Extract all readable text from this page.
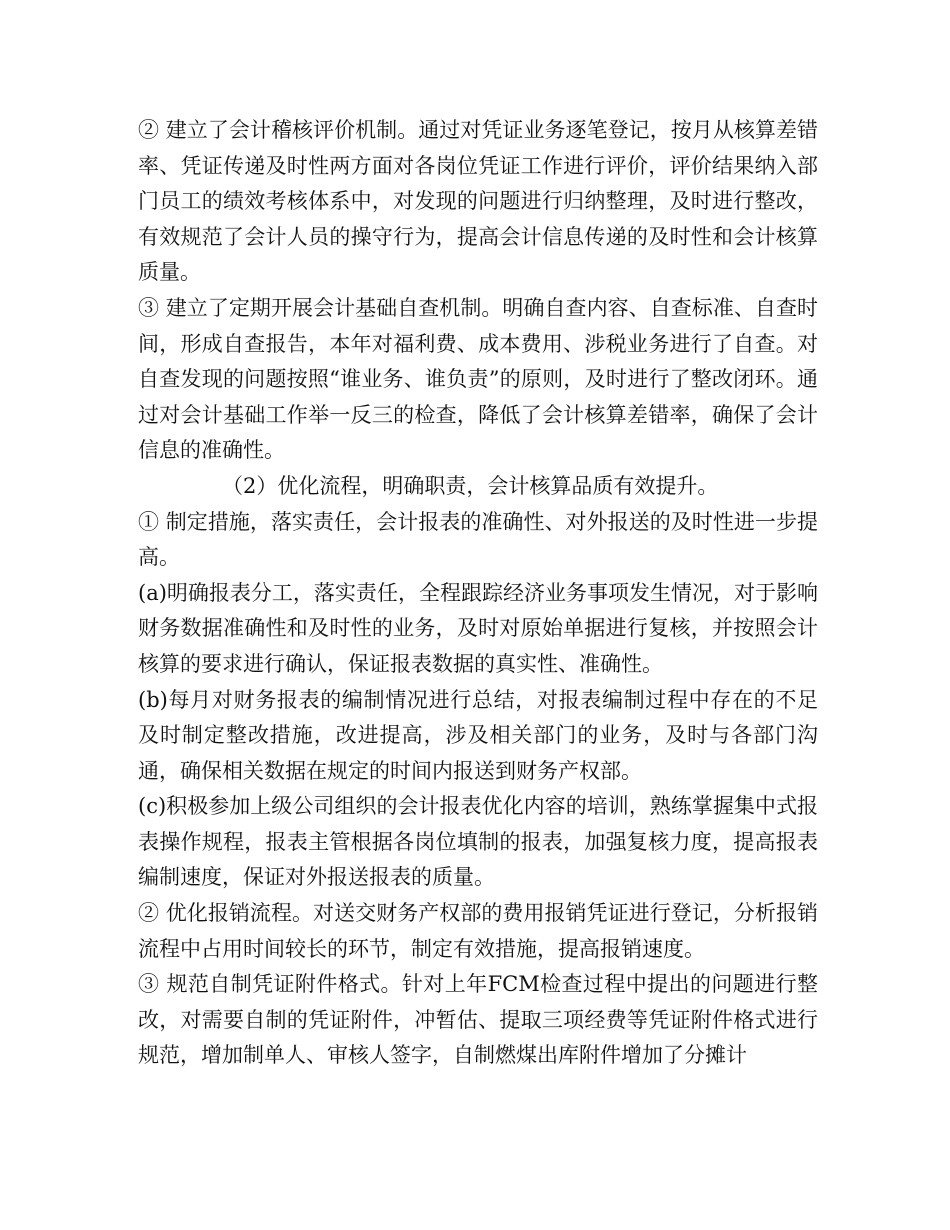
② 建立了会计稽核评价机制。通过对凭证业务逐笔登记，按月从核算差错率、凭证传递及时性两方面对各岗位凭证工作进行评价，评价结果纳入部门员工的绩效考核体系中，对发现的问题进行归纳整理，及时进行整改，有效规范了会计人员的操守行为，提高会计信息传递的及时性和会计核算质量。

③ 建立了定期开展会计基础自查机制。明确自查内容、自查标准、自查时间，形成自查报告，本年对福利费、成本费用、涉税业务进行了自查。对自查发现的问题按照“谁业务、谁负责”的原则，及时进行了整改闭环。通过对会计基础工作举一反三的检查，降低了会计核算差错率，确保了会计信息的准确性。

（2）优化流程，明确职责，会计核算品质有效提升。

① 制定措施，落实责任，会计报表的准确性、对外报送的及时性进一步提高。

(a)明确报表分工，落实责任，全程跟踪经济业务事项发生情况，对于影响财务数据准确性和及时性的业务，及时对原始单据进行复核，并按照会计核算的要求进行确认，保证报表数据的真实性、准确性。

(b)每月对财务报表的编制情况进行总结，对报表编制过程中存在的不足及时制定整改措施，改进提高，涉及相关部门的业务，及时与各部门沟通，确保相关数据在规定的时间内报送到财务产权部。

(c)积极参加上级公司组织的会计报表优化内容的培训，熟练掌握集中式报表操作规程，报表主管根据各岗位填制的报表，加强复核力度，提高报表编制速度，保证对外报送报表的质量。

② 优化报销流程。对送交财务产权部的费用报销凭证进行登记，分析报销流程中占用时间较长的环节，制定有效措施，提高报销速度。

③ 规范自制凭证附件格式。针对上年FCM检查过程中提出的问题进行整改，对需要自制的凭证附件，冲暂估、提取三项经费等凭证附件格式进行规范，增加制单人、审核人签字，自制燃煤出库附件增加了分摊计
